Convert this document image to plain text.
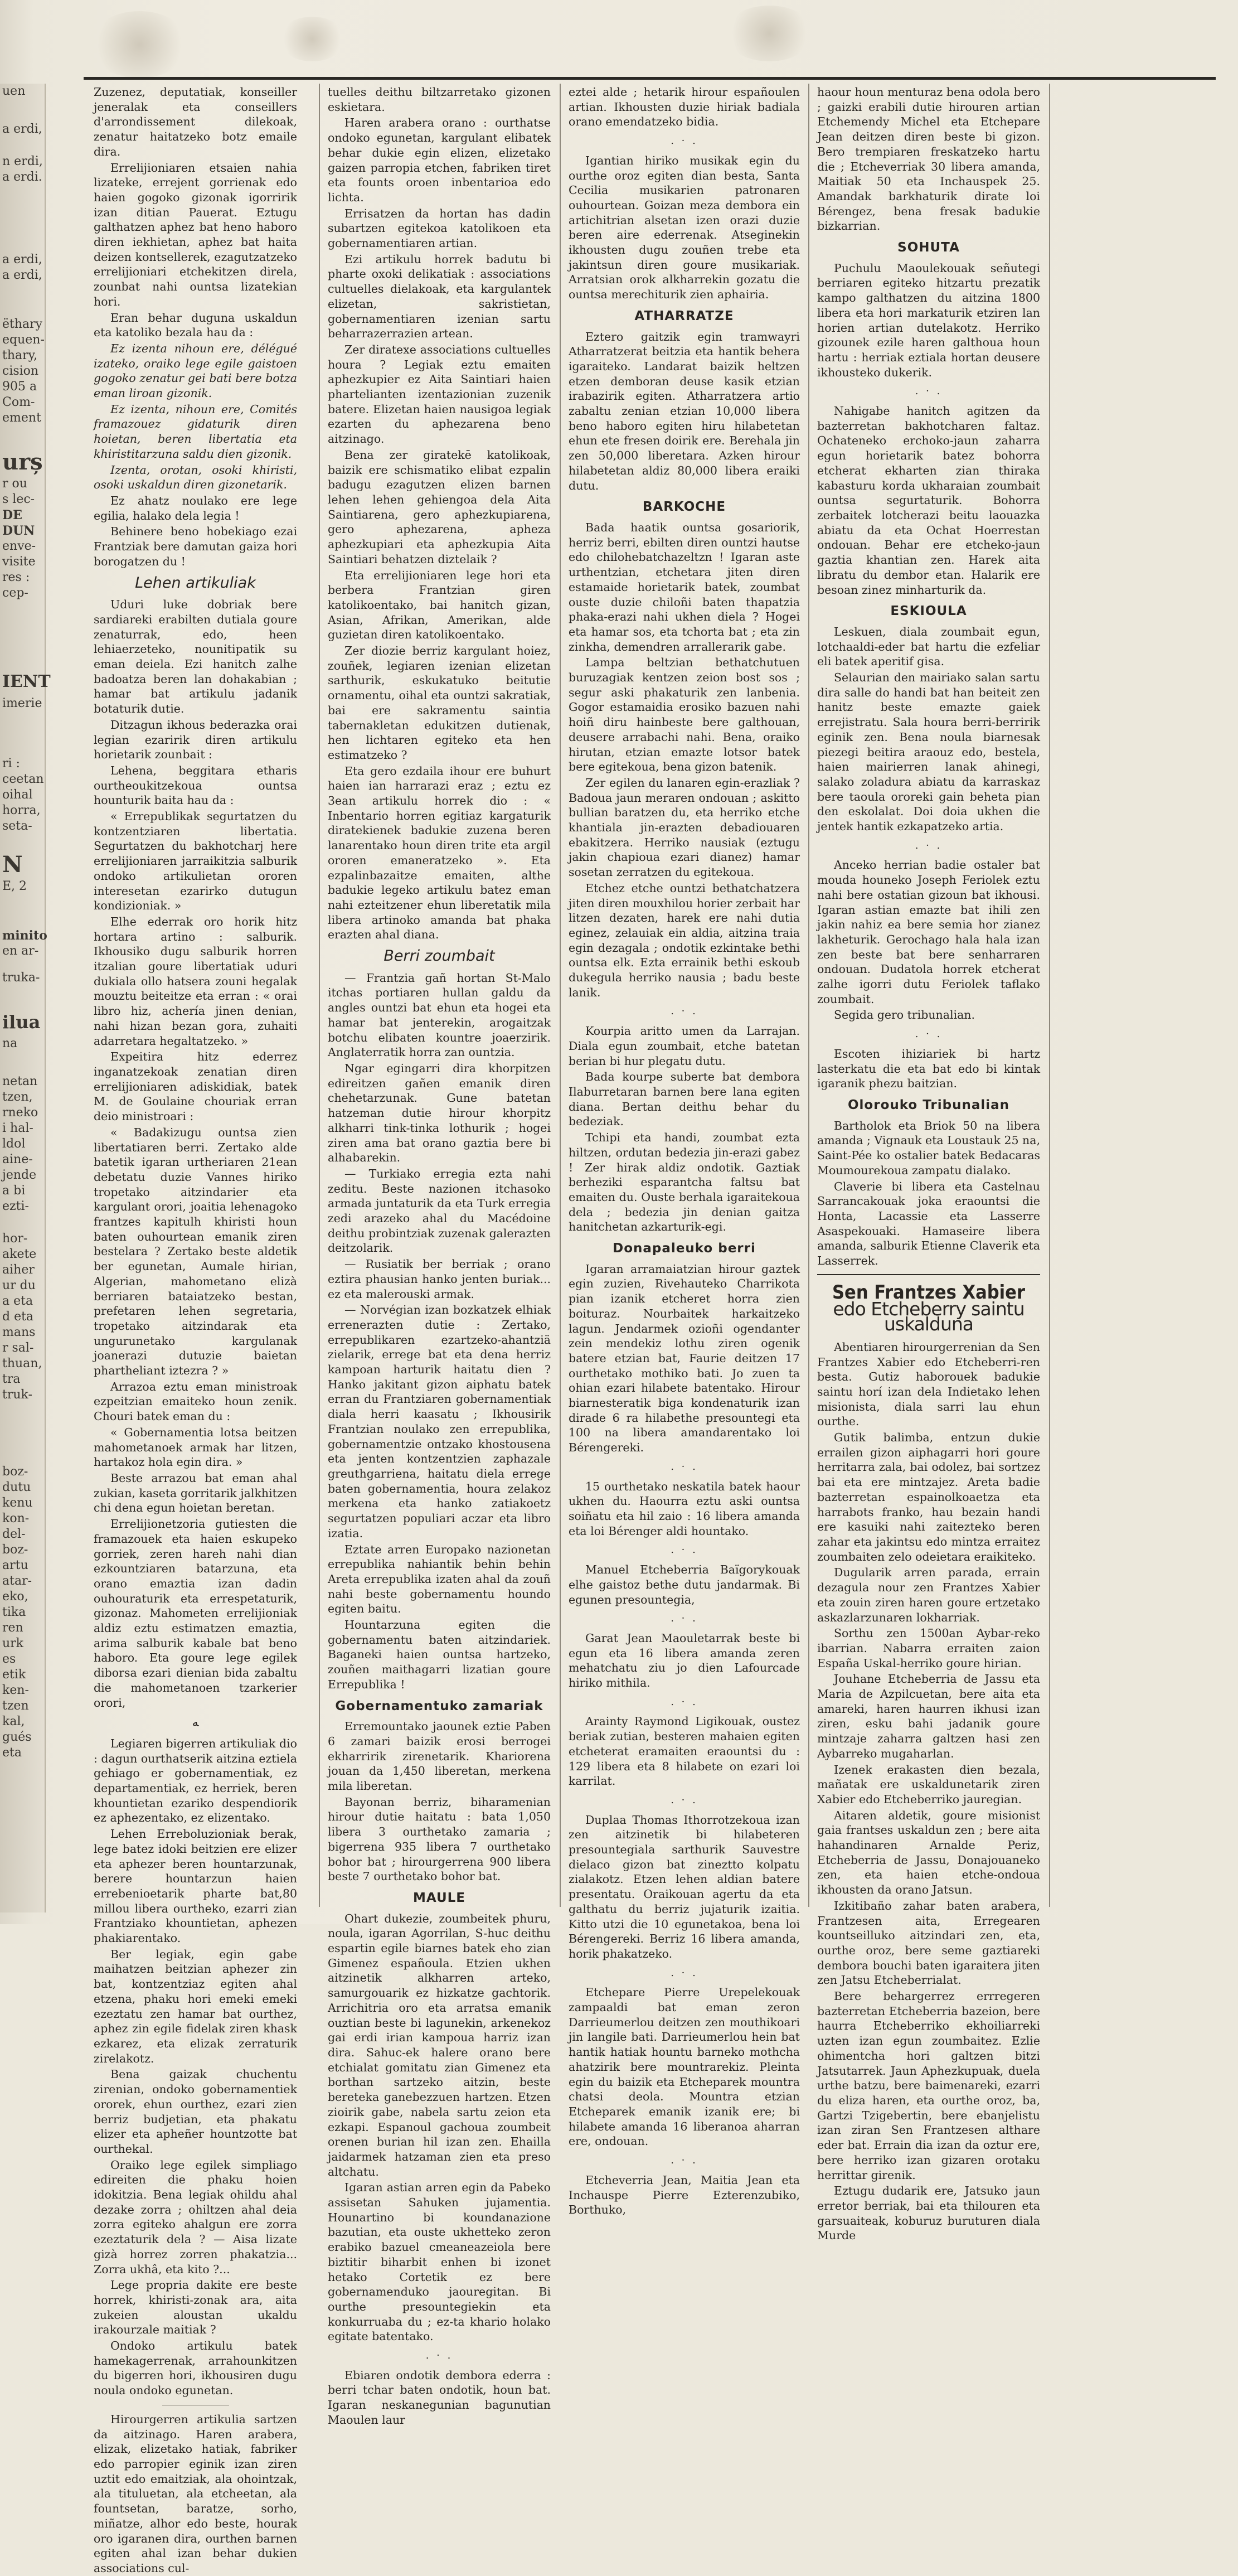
uen
a erdi,
n erdi,
a erdi.
a erdi,
a erdi,
ëthary
equen-
thary,
cision
905 a
Com-
ement
urș
r ou
s lec-
DE
DUN
enve-
visite
res :
cep-
IENT
imerie
ri :
ceetan
oihal
horra,
seta-
N
E, 2
minito
en ar-
truka-
ilua
na
netan
tzen,
rneko
i hal-
ldol
aine-
jende
a bi
ezti-
hor-
akete
aiher
ur du
a eta
d eta
mans
r sal-
thuan,
tra
truk-
boz-
dutu
kenu
kon-
del-
boz-
artu
atar-
eko,
tika
ren
urk
es
etik
ken-
tzen
kal,
gués
eta

Zuzenez, deputatiak, konseiller jeneralak eta conseillers d'arrondissement dilekoak, zenatur haitatzeko botz emaile dira.

Errelijioniaren etsaien nahia lizateke, errejent gorrienak edo haien gogoko gizonak igorririk izan ditian Pauerat. Eztugu galthatzen aphez bat heno haboro diren iekhietan, aphez bat haita deizen kontsellerek, ezagutzatzeko errelijioniari etchekitzen direla, zounbat nahi ountsa lizatekian hori.

Eran behar duguna uskaldun eta katoliko bezala hau da :

Ez izenta nihoun ere, délégué izateko, oraiko lege egile gaistoen gogoko zenatur gei bati bere botza eman liroan gizonik.

Ez izenta, nihoun ere, Comités framazouez gidaturik diren hoietan, beren libertatia eta khiristitarzuna saldu dien gizonik.

Izenta, orotan, osoki khiristi, osoki uskaldun diren gizonetarik.

Ez ahatz noulako ere lege egilia, halako dela legia !

Behinere beno hobekiago ezai Frantziak bere damutan gaiza hori borogatzen du !

Lehen artikuliak

Uduri luke dobriak bere sardiareki erabilten dutiala goure zenaturrak, edo, heen lehiaerzeteko, nounitipatik su eman deiela. Ezi hanitch zalhe badoatza beren lan dohakabian ; hamar bat artikulu jadanik botaturik dutie.

Ditzagun ikhous bederazka orai legian ezaririk diren artikulu horietarik zounbait :

Lehena, beggitara etharis ourtheoukitzekoua ountsa hounturik baita hau da :

« Errepublikak segurtatzen du kontzentziaren libertatia. Segurtatzen du bakhotcharj here errelijioniaren jarraikitzia salburik ondoko artikulietan ororen interesetan ezarirko dutugun kondizioniak. »

Elhe ederrak oro horik hitz hortara artino : salburik. Ikhousiko dugu salburik horren itzalian goure libertatiak uduri dukiala ollo hatsera zouni hegalak mouztu beiteitze eta erran : « orai libro hiz, achería jinen denian, nahi hizan bezan gora, zuhaiti adarretara hegaltatzeko. »

Expeitira hitz ederrez inganatzekoak zenatian diren errelijioniaren adiskidiak, batek M. de Goulaine chouriak erran deio ministroari :

« Badakizugu ountsa zien libertatiaren berri. Zertako alde batetik igaran urtheriaren 21ean debetatu duzie Vannes hiriko tropetako aitzindarier eta kargulant orori, joaitia lehenagoko frantzes kapitulh khiristi houn baten ouhourtean emanik ziren bestelara ? Zertako beste aldetik ber egunetan, Aumale hirian, Algerian, mahometano elizà berriaren bataiatzeko bestan, prefetaren lehen segretaria, tropetako aitzindarak eta ungurunetako kargulanak joanerazi dutuzie baietan phartheliant iztezra ? »

Arrazoa eztu eman ministroak ezpeitzian emaiteko houn zenik. Chouri batek eman du :

« Gobernamentia lotsa beitzen mahometanoek armak har litzen, hartakoz hola egin dira. »

Beste arrazou bat eman ahal zukian, kaseta gorritarik jalkhitzen chi dena egun hoietan beretan.

Errelijionetzoria gutiesten die framazouek eta haien eskupeko gorriek, zeren hareh nahi dian ezkountziaren batarzuna, eta orano emaztia izan dadin ouhouraturik eta errespetaturik, gizonaz. Mahometen errelijioniak aldiz eztu estimatzen emaztia, arima salburik kabale bat beno haboro. Eta goure lege egilek diborsa ezari dienian bida zabaltu die mahometanoen tzarkerier orori,

ﻪ

Legiaren bigerren artikuliak dio : dagun ourthatserik aitzina eztiela gehiago er gobernamentiak, ez departamentiak, ez herriek, beren khountietan ezariko despendiorik ez aphezentako, ez elizentako.

Lehen Erreboluzioniak berak, lege batez idoki beitzien ere elizer eta aphezer beren hountarzunak, berere hountarzun haien errebenioetarik pharte bat,80 millou libera ourtheko, ezarri zian Frantziako khountietan, aphezen phakiarentako.

Ber legiak, egin gabe maihatzen beitzian aphezer zin bat, kontzentziaz egiten ahal etzena, phaku hori emeki emeki ezeztatu zen hamar bat ourthez, aphez zin egile fidelak ziren khask ezkarez, eta elizak zerraturik zirelakotz.

Bena gaizak chuchentu zirenian, ondoko gobernamentiek ororek, ehun ourthez, ezari zien berriz budjetian, eta phakatu elizer eta apheñer hountzotte bat ourthekal.

Oraiko lege egilek simpliago edireiten die phaku hoien idokitzia. Bena legiak ohildu ahal dezake zorra ; ohiltzen ahal deia zorra egiteko ahalgun ere zorra ezeztaturik dela ? — Aisa lizate gizà horrez zorren phakatzia... Zorra ukhâ, eta kito ?...

Lege propria dakite ere beste horrek, khiristi-zonak ara, aita zukeien aloustan ukaldu irakourzale maitiak ?

Ondoko artikulu batek hamekagerrenak, arrahounkitzen du bigerren hori, ikhousiren dugu noula ondoko egunetan.

Hirourgerren artikulia sartzen da aitzinago. Haren arabera, elizak, elizetako hatiak, fabriker edo parropier eginik izan ziren uztit edo emaitziak, ala ohointzak, ala tituluetan, ala etcheetan, ala fountsetan, baratze, sorho, miñatze, alhor edo beste, hourak oro igaranen dira, ourthen barnen egiten ahal izan behar dukien associations cul-

tuelles deithu biltzarretako gizonen eskietara.

Haren arabera orano : ourthatse ondoko egunetan, kargulant elibatek behar dukie egin elizen, elizetako gaizen parropia etchen, fabriken tiret eta founts oroen inbentarioa edo lichta.

Errisatzen da hortan has dadin subartzen egitekoa katolikoen eta gobernamentiaren artian.

Ezi artikulu horrek badutu bi pharte oxoki delikatiak : associations cultuelles dielakoak, eta kargulantek elizetan, sakristietan, gobernamentiaren izenian sartu beharrazerrazien artean.

Zer diratexe associations cultuelles houra ? Legiak eztu emaiten aphezkupier ez Aita Saintiari haien phartelianten izentazionian zuzenik batere. Elizetan haien nausigoa legiak ezarten du aphezarena beno aitzinago.

Bena zer giratekē katolikoak, baizik ere schismatiko elibat ezpalin badugu ezagutzen elizen barnen lehen lehen gehiengoa dela Aita Saintiarena, gero aphezkupiarena, gero aphezarena, apheza aphezkupiari eta aphezkupia Aita Saintiari behatzen diztelaik ?

Eta errelijioniaren lege hori eta berbera Frantzian giren katolikoentako, bai hanitch gizan, Asian, Afrikan, Amerikan, alde guzietan diren katolikoentako.

Zer diozie berriz kargulant hoiez, zouñek, legiaren izenian elizetan sarthurik, eskukatuko beitutie ornamentu, oihal eta ountzi sakratiak, bai ere sakramentu saintia tabernakletan edukitzen dutienak, hen lichtaren egiteko eta hen estimatzeko ?

Eta gero ezdaila ihour ere buhurt haien ian harrarazi eraz ; eztu ez 3ean artikulu horrek dio : « Inbentario horren egitiaz kargaturik diratekienek badukie zuzena beren lanarentako houn diren trite eta argil ororen emaneratzeko ». Eta ezpalinbazaitze emaiten, althe badukie legeko artikulu batez eman nahi ezteitzener ehun liberetatik mila libera artinoko amanda bat phaka erazten ahal diana.

Berri zoumbait

— Frantzia gañ hortan St-Malo itchas portiaren hullan galdu da angles ountzi bat ehun eta hogei eta hamar bat jenterekin, arogaitzak botchu elibaten kountre joaerzirik. Anglaterratik horra zan ountzia.

Ngar egingarri dira khorpitzen edireitzen gañen emanik diren chehetarzunak. Gune batetan hatzeman dutie hirour khorpitz alkharri tink-tinka lothurik ; hogei ziren ama bat orano gaztia bere bi alhabarekin.

— Turkiako erregia ezta nahi zeditu. Beste nazionen itchasoko armada juntaturik da eta Turk erregia zedi arazeko ahal du Macédoine deithu probintziak zuzenak galerazten deitzolarik.

— Rusiatik ber berriak ; orano eztira phausian hanko jenten buriak... ez eta malerouski armak.

— Norvégian izan bozkatzek elhiak errenerazten dutie : Zertako, errepublikaren ezartzeko-ahantziä zielarik, errege bat eta dena herriz kampoan harturik haitatu dien ? Hanko jakitant gizon aiphatu batek erran du Frantziaren gobernamentiak diala herri kaasatu ; Ikhousirik Frantzian noulako zen errepublika, gobernamentzie ontzako khostousena eta jenten kontzentzien zaphazale greuthgarriena, haitatu diela errege baten gobernamentia, houra zelakoz merkena eta hanko zatiakoetz segurtatzen populiari aczar eta libro izatia.

Eztate arren Europako nazionetan errepublika nahiantik behin behin Areta errepublika izaten ahal da zouñ nahi beste gobernamentu houndo egiten baitu.

Hountarzuna egiten die gobernamentu baten aitzindariek. Baganeki haien ountsa hartzeko, zouñen maithagarri lizatian goure Errepublika !

Gobernamentuko zamariak

Erremountako jaounek eztie Paben 6 zamari baizik erosi berrogei ekharririk zirenetarik. Khariorena jouan da 1,450 liberetan, merkena mila liberetan.

Bayonan berriz, biharamenian hirour dutie haitatu : bata 1,050 libera 3 ourthetako zamaria ; bigerrena 935 libera 7 ourthetako bohor bat ; hirourgerrena 900 libera beste 7 ourthetako bohor bat.

MAULE

Ohart dukezie, zoumbeitek phuru, noula, igaran Agorrilan, S-huc deithu espartin egile biarnes batek eho zian Gimenez españoula. Etzien ukhen aitzinetik alkharren arteko, samurgouarik ez hizkatze gachtorik. Arrichitria oro eta arratsa emanik ouztian beste bi lagunekin, arkenekoz gai erdi irian kampoua harriz izan dira. Sahuc-ek halere orano bere etchialat gomitatu zian Gimenez eta borthan sartzeko aitzin, beste bereteka ganebezzuen hartzen. Etzen zioirik gabe, nabela sartu zeion eta ezkapi. Espanoul gachoua zoumbeit orenen burian hil izan zen. Ehailla jaidarmek hatzaman zien eta preso altchatu.

Igaran astian arren egin da Pabeko assisetan Sahuken jujamentia. Hounartino bi koundanazione bazutian, eta ouste ukhetteko zeron erabiko bazuel cmeaneazeiola bere biztitir biharbit enhen bi izonet hetako Cortetik ez bere gobernamenduko jaouregitan. Bi ourthe presountegiekin eta konkurruaba du ; ez-ta khario holako egitate batentako.

. · .

Ebiaren ondotik dembora ederra : berri tchar baten ondotik, houn bat. Igaran neskanegunian bagunutian Maoulen laur

eztei alde ; hetarik hirour españoulen artian. Ikhousten duzie hiriak badiala orano emendatzeko bidia.

. · .

Igantian hiriko musikak egin du ourthe oroz egiten dian besta, Santa Cecilia musikarien patronaren ouhourtean. Goizan meza dembora ein artichitrian alsetan izen orazi duzie beren aire ederrenak. Atseginekin ikhousten dugu zouñen trebe eta jakintsun diren goure musikariak. Arratsian orok alkharrekin gozatu die ountsa merechiturik zien aphairia.

ATHARRATZE

Eztero gaitzik egin tramwayri Atharratzerat beitzia eta hantik behera igaraiteko. Landarat baizik heltzen etzen demboran deuse kasik etzian irabazirik egiten. Atharratzera artio zabaltu zenian etzian 10,000 libera beno haboro egiten hiru hilabetetan ehun ete fresen doirik ere. Berehala jin zen 50,000 liberetara. Azken hirour hilabetetan aldiz 80,000 libera eraiki dutu.

BARKOCHE

Bada haatik ountsa gosariorik, herriz berri, ebilten diren ountzi hautse edo chilohebatchazeltzn ! Igaran aste urthentzian, etchetara jiten diren estamaide horietarik batek, zoumbat ouste duzie chiloñi baten thapatzia phaka-erazi nahi ukhen diela ? Hogei eta hamar sos, eta tchorta bat ; eta zin zinkha, demendren arrallerarik gabe.

Lampa beltzian bethatchutuen buruzagiak kentzen zeion bost sos ; segur aski phakaturik zen lanbenia. Gogor estamaidia erosiko bazuen nahi hoiñ diru hainbeste bere galthouan, deusere arrabachi nahi. Bena, oraiko hirutan, etzian emazte lotsor batek bere egitekoua, bena gizon batenik.

Zer egilen du lanaren egin-erazliak ? Badoua jaun meraren ondouan ; askitto bullian baratzen du, eta herriko etche khantiala jin-erazten debadiouaren ebakitzera. Herriko nausiak (eztugu jakin chapioua ezari dianez) hamar sosetan zerratzen du egitekoua.

Etchez etche ountzi bethatchatzera jiten diren mouxhilou horier zerbait har litzen dezaten, harek ere nahi dutia eginez, zelauiak ein aldia, aitzina traia egin dezagala ; ondotik ezkintake bethi ountsa elk. Ezta errainik bethi eskoub dukegula herriko nausia ; badu beste lanik.

. · .

Kourpia aritto umen da Larrajan. Diala egun zoumbait, etche batetan berian bi hur plegatu dutu.

Bada kourpe suberte bat dembora Ilaburretaran barnen bere lana egiten diana. Bertan deithu behar du bedeziak.

Tchipi eta handi, zoumbat ezta hiltzen, ordutan bedezia jin-erazi gabez ! Zer hirak aldiz ondotik. Gaztiak berheziki esparantcha faltsu bat emaiten du. Ouste berhala igaraitekoua dela ; bedezia jin denian gaitza hanitchetan azkarturik-egi.

Donapaleuko berri

Igaran arramaiatzian hirour gaztek egin zuzien, Rivehauteko Charrikota pian izanik etcheret horra zien boituraz. Nourbaitek harkaitzeko lagun. Jendarmek ozioñi ogendanter zein mendekiz lothu ziren ogenik batere etzian bat, Faurie deitzen 17 ourthetako mothiko bati. Jo zuen ta ohian ezari hilabete batentako. Hirour biarnesteratik biga kondenaturik izan dirade 6 ra hilabethe presountegi eta 100 na libera amandarentako loi Bérengereki.

. · .

15 ourthetako neskatila batek haour ukhen du. Haourra eztu aski ountsa soiñatu eta hil zaio : 16 libera amanda eta loi Bérenger aldi hountako.

. · .

Manuel Etcheberria Baïgorykouak elhe gaistoz bethe dutu jandarmak. Bi egunen presountegia,

. · .

Garat Jean Maouletarrak beste bi egun eta 16 libera amanda zeren mehatchatu ziu jo dien Lafourcade hiriko mithila.

. · .

Arainty Raymond Ligikouak, oustez beriak zutian, besteren mahaien egiten etcheterat eramaiten eraountsi du : 129 libera eta 8 hilabete on ezari loi karrilat.

. · .

Duplaa Thomas Ithorrotzekoua izan zen aitzinetik bi hilabeteren presountegiala sarthurik Sauvestre dielaco gizon bat zineztto kolpatu zialakotz. Etzen lehen aldian batere presentatu. Oraikouan agertu da eta galthatu du berriz jujaturik izaitia. Kitto utzi die 10 egunetakoa, bena loi Bérengereki. Berriz 16 libera amanda, horik phakatzeko.

. · .

Etchepare Pierre Urepelekouak zampaaldi bat eman zeron Darrieumerlou deitzen zen mouthikoari jin langile bati. Darrieumerlou hein bat hantik hatiak hountu barneko mothcha ahatzirik bere mountrarekiz. Pleinta egin du baizik eta Etcheparek mountra chatsi deola. Mountra etzian Etcheparek emanik izanik ere; bi hilabete amanda 16 liberanoa aharran ere, ondouan.

. · .

Etcheverria Jean, Maitia Jean eta Inchauspe Pierre Ezterenzubiko, Borthuko,

haour houn menturaz bena odola bero ; gaizki erabili dutie hirouren artian Etchemendy Michel eta Etchepare Jean deitzen diren beste bi gizon. Bero trempiaren freskatzeko hartu die ; Etcheverriak 30 libera amanda, Maitiak 50 eta Inchauspek 25. Amandak barkhaturik dirate loi Bérengez, bena fresak badukie bizkarrian.

SOHUTA

Puchulu Maoulekouak señutegi berriaren egiteko hitzartu prezatik kampo galthatzen du aitzina 1800 libera eta hori markaturik etziren lan horien artian dutelakotz. Herriko gizounek ezile haren galthoua houn hartu : herriak eztiala hortan deusere ikhousteko dukerik.

. · .

Nahigabe hanitch agitzen da bazterretan bakhotcharen faltaz. Ochateneko erchoko-jaun zaharra egun horietarik batez bohorra etcherat ekharten zian thiraka kabasturu korda ukharaian zoumbait ountsa segurtaturik. Bohorra zerbaitek lotcherazi beitu laouazka abiatu da eta Ochat Hoerrestan ondouan. Behar ere etcheko-jaun gaztia khantian zen. Harek aita libratu du dembor etan. Halarik ere besoan zinez minharturik da.

ESKIOULA

Leskuen, diala zoumbait egun, lotchaaldi-eder bat hartu die ezfeliar eli batek aperitif gisa.

Selaurian den mairiako salan sartu dira salle do handi bat han beiteit zen hanitz beste emazte gaiek errejistratu. Sala houra berri-berririk eginik zen. Bena noula biarnesak piezegi beitira araouz edo, bestela, haien mairierren lanak ahinegi, salako zoladura abiatu da karraskaz bere taoula ororeki gain beheta pian den eskolalat. Doi doia ukhen die jentek hantik ezkapatzeko artia.

. · .

Anceko herrian badie ostaler bat mouda houneko Joseph Feriolek eztu nahi bere ostatian gizoun bat ikhousi. Igaran astian emazte bat ihili zen jakin nahiz ea bere semia hor zianez lakheturik. Gerochago hala hala izan zen beste bat bere senharraren ondouan. Dudatola horrek etcherat zalhe igorri dutu Feriolek taflako zoumbait.

Segida gero tribunalian.

. · .

Escoten ihiziariek bi hartz lasterkatu die eta bat edo bi kintak igaranik phezu baitzian.

Olorouko Tribunalian

Bartholok eta Briok 50 na libera amanda ; Vignauk eta Loustauk 25 na, Saint-Pée ko ostalier batek Bedacaras Moumourekoua zampatu dialako.

Claverie bi libera eta Castelnau Sarrancakouak joka eraountsi die Honta, Lacassie eta Lasserre Asaspekouaki. Hamaseire libera amanda, salburik Etienne Claverik eta Lasserrek.

Sen Frantzes Xabier
edo Etcheberry saintu uskalduna

Abentiaren hirourgerrenian da Sen Frantzes Xabier edo Etcheberri-ren besta. Gutiz haborouek badukie saintu horí izan dela Indietako lehen misionista, diala sarri lau ehun ourthe.

Gutik balimba, entzun dukie errailen gizon aiphagarri hori goure herritarra zala, bai odolez, bai sortzez bai eta ere mintzajez. Areta badie bazterretan espainolkoaetza eta harrabots franko, hau bezain handi ere kasuiki nahi zaitezteko beren zahar eta jakintsu edo mintza erraitez zoumbaiten zelo odeietara eraikiteko.

Dugularik arren parada, errain dezagula nour zen Frantzes Xabier eta zouin ziren haren goure ertzetako askazlarzunaren lokharriak.

Sorthu zen 1500an Aybar-reko ibarrian. Nabarra erraiten zaion España Uskal-herriko goure hirian.

Jouhane Etcheberria de Jassu eta Maria de Azpilcuetan, bere aita eta amareki, haren haurren ikhusi izan ziren, esku bahi jadanik goure mintzaje zaharra galtzen hasi zen Aybarreko mugaharlan.

Izenek erakasten dien bezala, mañatak ere uskaldunetarik ziren Xabier edo Etcheberriko jauregian.

Aitaren aldetik, goure misionist gaia frantses uskaldun zen ; bere aita hahandinaren Arnalde Periz, Etcheberria de Jassu, Donajouaneko zen, eta haien etche-ondoua ikhousten da orano Jatsun.

Izkitibaño zahar baten arabera, Frantzesen aita, Erregearen kountseilluko aitzindari zen, eta, ourthe oroz, bere seme gaztiareki dembora bouchi baten igaraitera jiten zen Jatsu Etcheberrialat.

Bere behargerrez errregeren bazterretan Etcheberria bazeion, bere haurra Etcheberriko ekhoiliarreki uzten izan egun zoumbaitez. Ezlie ohimentcha hori galtzen bitzi Jatsutarrek. Jaun Aphezkupuak, duela urthe batzu, bere baimenareki, ezarri du eliza haren, eta ourthe oroz, ba, Gartzi Tzigebertin, bere ebanjelistu izan ziran Sen Frantzesen althare eder bat. Errain dia izan da oztur ere, bere herriko izan gizaren orotaku herrittar girenik.

Eztugu dudarik ere, Jatsuko jaun erretor berriak, bai eta thilouren eta garsuaiteak, koburuz buruturen diala Murde
